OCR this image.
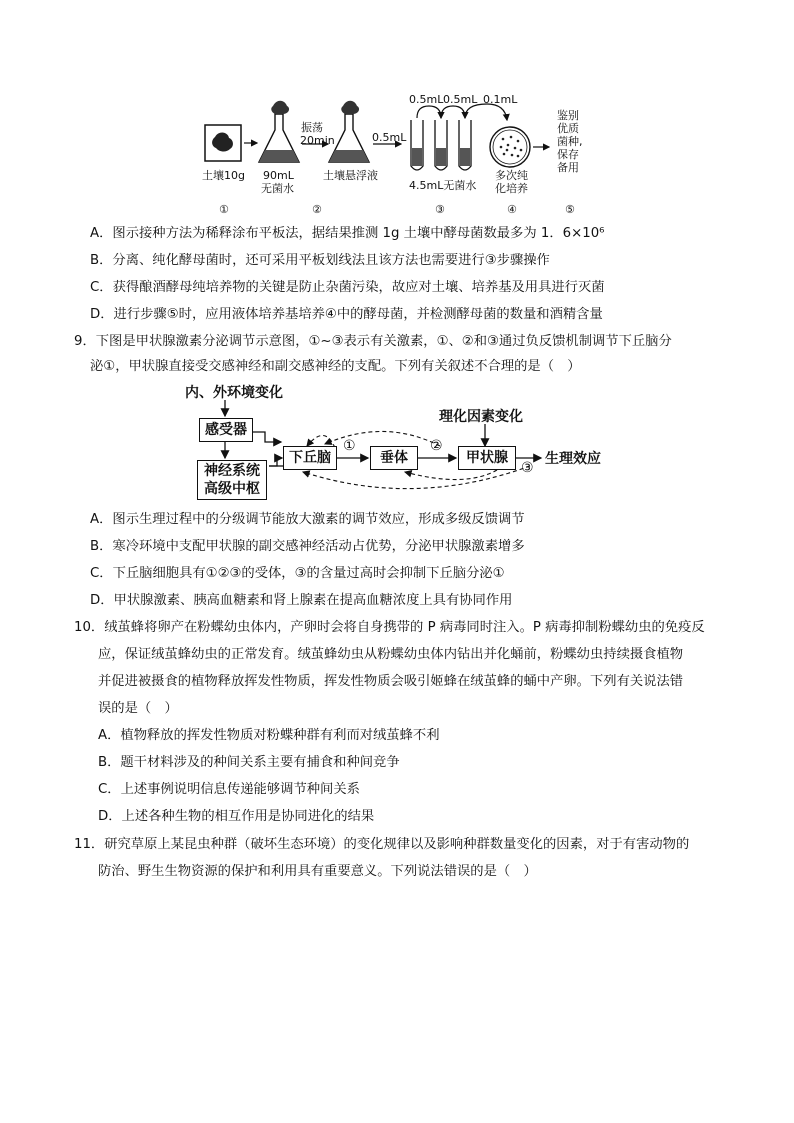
土壤10g 90mL
无菌水
振荡
20min
土壤悬浮液
0.5mL
0.5mL 0.5mL 0.1mL
4.5mL无菌水
多次纯
化培养
鉴别
优质
菌种,
保存
备用
①	②	③	④	⑤
A．图示接种方法为稀释涂布平板法，据结果推测 1g 土壤中酵母菌数最多为 1．6×10⁶
B．分离、纯化酵母菌时，还可采用平板划线法且该方法也需要进行③步骤操作
C．获得酿酒酵母纯培养物的关键是防止杂菌污染，故应对土壤、培养基及用具进行灭菌
D．进行步骤⑤时，应用液体培养基培养④中的酵母菌，并检测酵母菌的数量和酒精含量
9．下图是甲状腺激素分泌调节示意图，①~③表示有关激素，①、②和③通过负反馈机制调节下丘脑分
泌①，甲状腺直接受交感神经和副交感神经的支配。下列有关叙述不合理的是（　）
内、外环境变化
感受器
神经系统
高级中枢
下丘脑	垂体	甲状腺
理化因素变化
生理效应
①	②
③
A．图示生理过程中的分级调节能放大激素的调节效应，形成多级反馈调节
B．寒冷环境中支配甲状腺的副交感神经活动占优势，分泌甲状腺激素增多
C．下丘脑细胞具有①②③的受体，③的含量过高时会抑制下丘脑分泌①
D．甲状腺激素、胰高血糖素和肾上腺素在提高血糖浓度上具有协同作用
10．绒茧蜂将卵产在粉蝶幼虫体内，产卵时会将自身携带的 P 病毒同时注入。P 病毒抑制粉蝶幼虫的免疫反
应，保证绒茧蜂幼虫的正常发育。绒茧蜂幼虫从粉蝶幼虫体内钻出并化蛹前，粉蝶幼虫持续摄食植物
并促进被摄食的植物释放挥发性物质，挥发性物质会吸引姬蜂在绒茧蜂的蛹中产卵。下列有关说法错
误的是（　）
A．植物释放的挥发性物质对粉蝶种群有利而对绒茧蜂不利
B．题干材料涉及的种间关系主要有捕食和种间竞争
C．上述事例说明信息传递能够调节种间关系
D．上述各种生物的相互作用是协同进化的结果
11．研究草原上某昆虫种群（破坏生态环境）的变化规律以及影响种群数量变化的因素，对于有害动物的
防治、野生生物资源的保护和利用具有重要意义。下列说法错误的是（　）
